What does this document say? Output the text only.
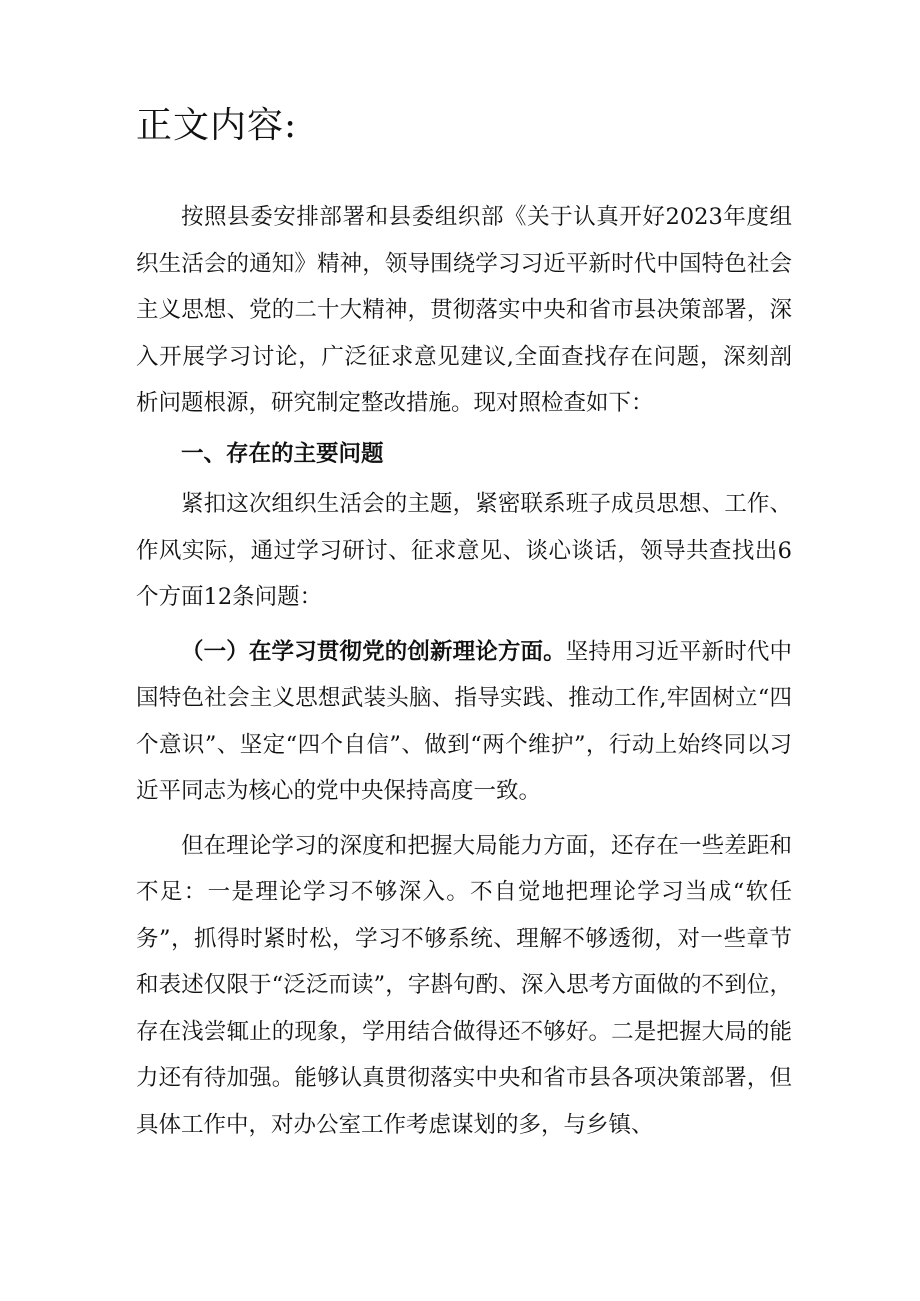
正文内容:

按照县委安排部署和县委组织部《关于认真开好2023年度组织生活会的通知》精神，领导围绕学习习近平新时代中国特色社会主义思想、党的二十大精神，贯彻落实中央和省市县决策部署，深入开展学习讨论，广泛征求意见建议,全面查找存在问题，深刻剖析问题根源，研究制定整改措施。现对照检查如下：

一、存在的主要问题

紧扣这次组织生活会的主题，紧密联系班子成员思想、工作、作风实际，通过学习研讨、征求意见、谈心谈话，领导共查找出6个方面12条问题：

（一）在学习贯彻党的创新理论方面。坚持用习近平新时代中国特色社会主义思想武装头脑、指导实践、推动工作,牢固树立“四个意识”、坚定“四个自信”、做到“两个维护”，行动上始终同以习近平同志为核心的党中央保持高度一致。

但在理论学习的深度和把握大局能力方面，还存在一些差距和不足：一是理论学习不够深入。不自觉地把理论学习当成“软任务”，抓得时紧时松，学习不够系统、理解不够透彻，对一些章节和表述仅限于“泛泛而读”，字斟句酌、深入思考方面做的不到位，存在浅尝辄止的现象，学用结合做得还不够好。二是把握大局的能力还有待加强。能够认真贯彻落实中央和省市县各项决策部署，但具体工作中，对办公室工作考虑谋划的多，与乡镇、
